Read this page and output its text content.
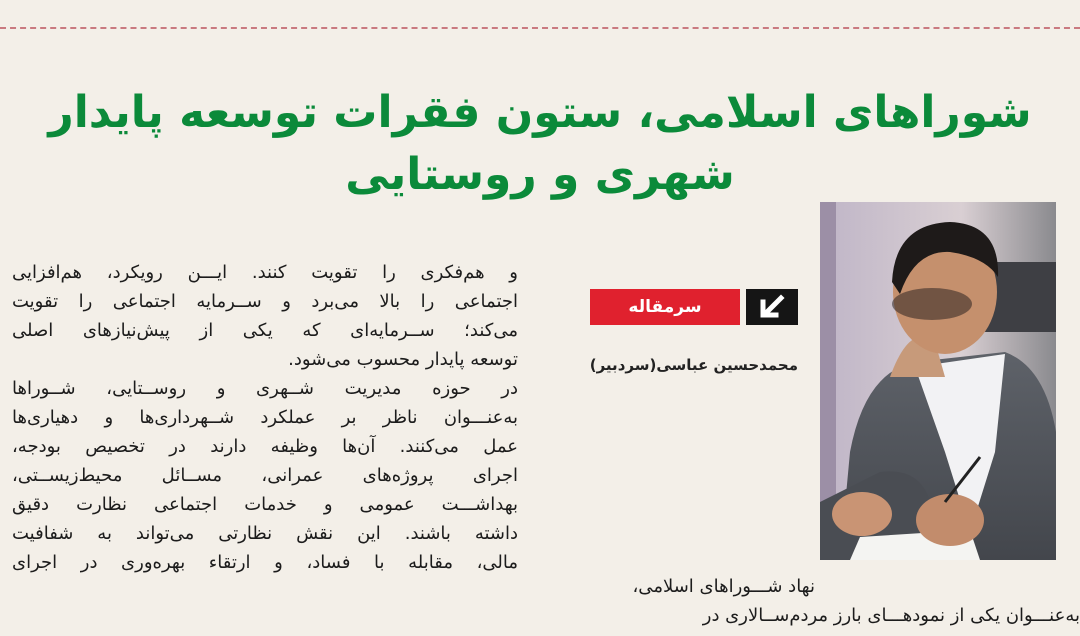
شوراهای اسلامی، ستون فقرات توسعه پایدار
شهری و روستایی
سرمقاله
محمدحسین عباسی(سردبیر)
و هم‌فکری را تقویت کنند. ایـــن رویکرد، هم‌افزایی
اجتماعی را بالا می‌برد و ســرمایه اجتماعی را تقویت
می‌کند؛ ســرمایه‌ای که یکی از پیش‌نیازهای اصلی
توسعه پایدار محسوب می‌شود.
در حوزه مدیریت شــهری و روســتایی، شــوراها
به‌عنـــوان ناظر بر عملکرد شــهرداری‌ها و دهیاری‌ها
عمل می‌کنند. آن‌ها وظیفه دارند در تخصیص بودجه،
اجرای پروژه‌های عمرانی، مســائل محیط‌زیســتی،
بهداشـــت عمومی و خدمات اجتماعی نظارت دقیق
داشته باشند. این نقش نظارتی می‌تواند به شفافیت
مالی، مقابله با فساد، و ارتقاء بهره‌وری در اجرای
نهاد شـــوراهای اسلامی،
به‌عنـــوان یکی از نمودهـــای بارز مردم‌ســالاری در
